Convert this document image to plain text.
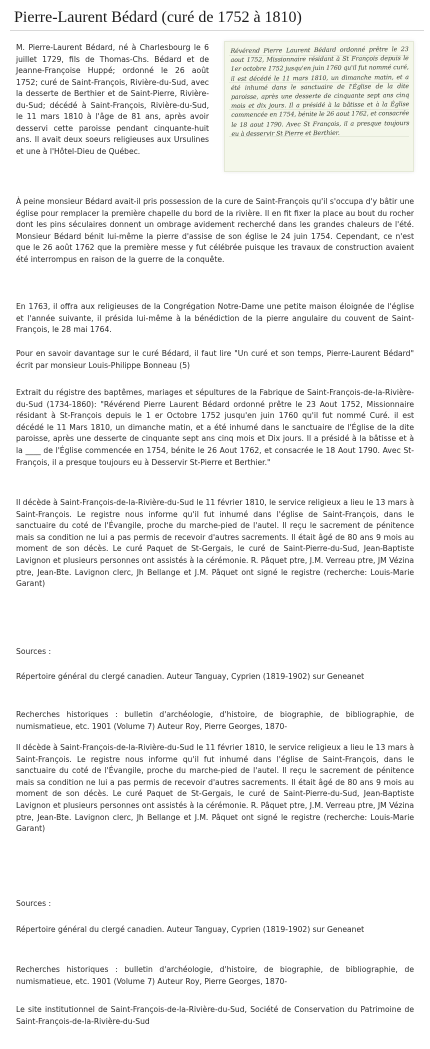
Pierre-Laurent Bédard (curé de 1752 à 1810)

M. Pierre-Laurent Bédard, né à Charlesbourg le 6 juillet 1729, fils de Thomas-Chs. Bédard et de Jeanne-Françoise Huppé; ordonné le 26 août 1752; curé de Saint-François, Rivière-du-Sud, avec la desserte de Berthier et de Saint-Pierre, Rivière-du-Sud; décédé à Saint-François, Rivière-du-Sud, le 11 mars 1810 à l'âge de 81 ans, après avoir desservi cette paroisse pendant cinquante-huit ans. Il avait deux soeurs religieuses aux Ursulines et une à l'Hôtel-Dieu de Québec.

Révérend Pierre Laurent Bédard ordonné prêtre le 23 aout 1752, Missionnaire résidant à St François depuis le 1er octobre 1752 jusqu'en juin 1760 qu'il fut nommé curé, il est décédé le 11 mars 1810, un dimanche matin, et a été inhumé dans le sanctuaire de l'Église de la dite paroisse, après une desserte de cinquante sept ans cinq mois et dix jours. Il a présidé à la bâtisse et à la Église commencée en 1754, bénite le 26 aout 1762, et consacrée le 18 aout 1790. Avec St François, il a presque toujours eu à desservir St Pierre et Berthier.

À peine monsieur Bédard avait-il pris possession de la cure de Saint-François qu'il s'occupa d'y bâtir une église pour remplacer la première chapelle du bord de la rivière. Il en fit fixer la place au bout du rocher dont les pins séculaires donnent un ombrage avidement recherché dans les grandes chaleurs de l'été. Monsieur Bédard bénit lui-même la pierre d'assise de son église le 24 juin 1754. Cependant, ce n'est que le 26 août 1762 que la première messe y fut célébrée puisque les travaux de construction avaient été interrompus en raison de la guerre de la conquête.

En 1763, il offra aux religieuses de la Congrégation Notre-Dame une petite maison éloignée de l'église et l'année suivante, il présida lui-même à la bénédiction de la pierre angulaire du couvent de Saint-François, le 28 mai 1764.

Pour en savoir davantage sur le curé Bédard, il faut lire "Un curé et son temps, Pierre-Laurent Bédard" écrit par monsieur Louis-Philippe Bonneau (5)

Extrait du régistre des baptêmes, mariages et sépultures de la Fabrique de Saint-François-de-la-Rivière-du-Sud (1734-1860): "Révérend Pierre Laurent Bédard ordonné prêtre le 23 Aout 1752, Missionnaire résidant à St-François depuis le 1 er Octobre 1752 jusqu'en juin 1760 qu'il fut nommé Curé. il est décédé le 11 Mars 1810, un dimanche matin, et a été inhumé dans le sanctuaire de l'Église de la dite paroisse, après une desserte de cinquante sept ans cinq mois et Dix jours. Il a présidé à la bâtisse et à la ____ de l'Église commencée en 1754, bénite le 26 Aout 1762, et consacrée le 18 Aout 1790. Avec St-François, il a presque toujours eu à Desservir St-Pierre et Berthier."

Il décède à Saint-François-de-la-Rivière-du-Sud le 11 février 1810, le service religieux a lieu le 13 mars à Saint-François. Le registre nous informe qu'il fut inhumé dans l'église de Saint-François, dans le sanctuaire du coté de l'Évangile, proche du marche-pied de l'autel. Il reçu le sacrement de pénitence mais sa condition ne lui a pas permis de recevoir d'autres sacrements. Il était âgé de 80 ans 9 mois au moment de son décès. Le curé Paquet de St-Gergais, le curé de Saint-Pierre-du-Sud, Jean-Baptiste Lavignon et plusieurs personnes ont assistés à la cérémonie. R. Pâquet ptre, J.M. Verreau ptre, JM Vézina ptre, Jean-Bte. Lavignon clerc, Jh Bellange et J.M. Pâquet ont signé le registre (recherche: Louis-Marie Garant)

Sources :

Répertoire général du clergé canadien. Auteur Tanguay, Cyprien (1819-1902) sur Geneanet

Recherches historiques : bulletin d'archéologie, d'histoire, de biographie, de bibliographie, de numismatieue, etc. 1901 (Volume 7) Auteur Roy, Pierre Georges, 1870-

Il décède à Saint-François-de-la-Rivière-du-Sud le 11 février 1810, le service religieux a lieu le 13 mars à Saint-François. Le registre nous informe qu'il fut inhumé dans l'église de Saint-François, dans le sanctuaire du coté de l'Évangile, proche du marche-pied de l'autel. Il reçu le sacrement de pénitence mais sa condition ne lui a pas permis de recevoir d'autres sacrements. Il était âgé de 80 ans 9 mois au moment de son décès. Le curé Paquet de St-Gergais, le curé de Saint-Pierre-du-Sud, Jean-Baptiste Lavignon et plusieurs personnes ont assistés à la cérémonie. R. Pâquet ptre, J.M. Verreau ptre, JM Vézina ptre, Jean-Bte. Lavignon clerc, Jh Bellange et J.M. Pâquet ont signé le registre (recherche: Louis-Marie Garant)

Sources :

Répertoire général du clergé canadien. Auteur Tanguay, Cyprien (1819-1902) sur Geneanet

Recherches historiques : bulletin d'archéologie, d'histoire, de biographie, de bibliographie, de numismatieue, etc. 1901 (Volume 7) Auteur Roy, Pierre Georges, 1870-

Le site institutionnel de Saint-François-de-la-Rivière-du-Sud, Société de Conservation du Patrimoine de Saint-François-de-la-Rivière-du-Sud
